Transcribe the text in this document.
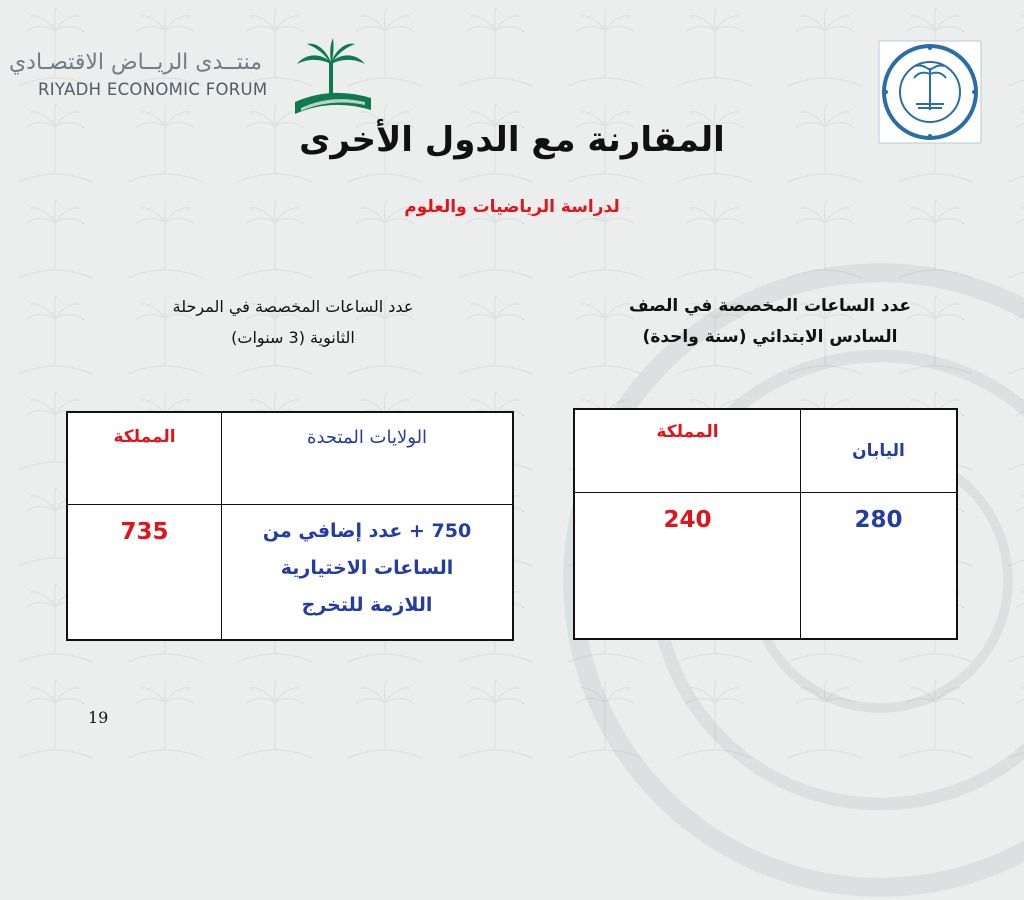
منتــدى الريــاض الاقتصـادي
RIYADH ECONOMIC FORUM
المقارنة مع الدول الأخرى
لدراسة الرياضيات والعلوم
عدد الساعات المخصصة في الصف
السادس الابتدائي (سنة واحدة)
عدد الساعات المخصصة في المرحلة
الثانوية (3 سنوات)
اليابان	المملكة
280	240
الولايات المتحدة	المملكة

750 + عدد إضافي من
الساعات الاختيارية
اللازمة للتخرج	735
19
